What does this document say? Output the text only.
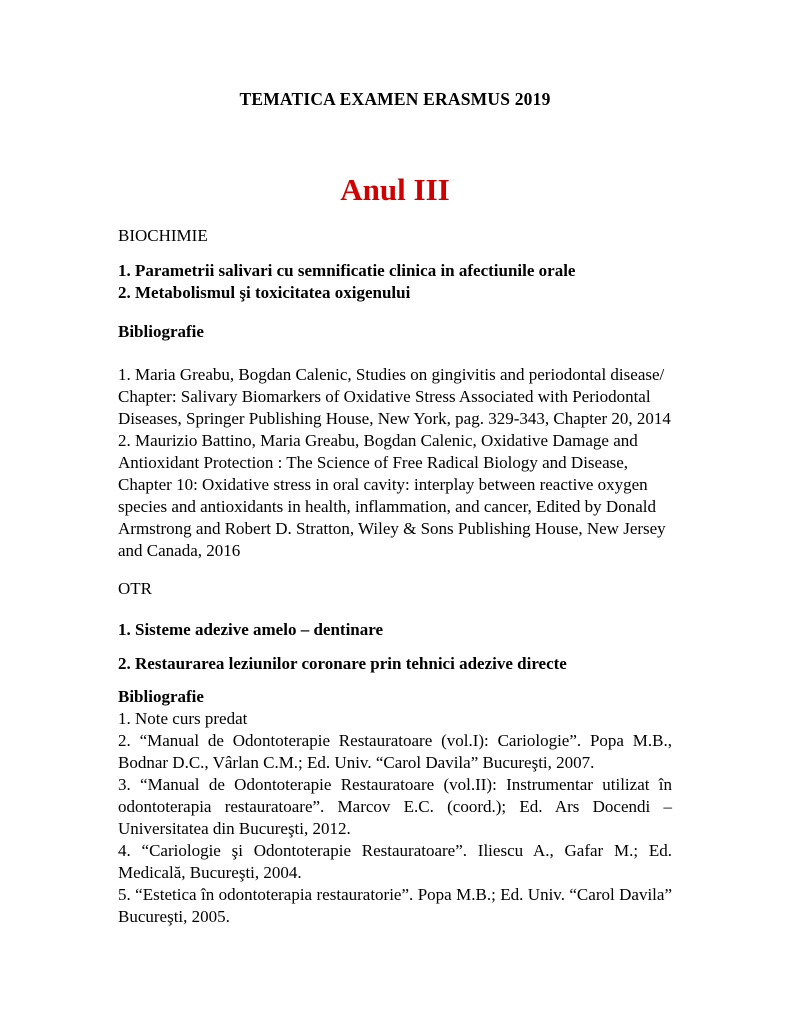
TEMATICA EXAMEN ERASMUS 2019
Anul III

BIOCHIMIE

1. Parametrii salivari cu semnificatie clinica in afectiunile orale

2. Metabolismul şi toxicitatea oxigenului

Bibliografie

1. Maria Greabu, Bogdan Calenic, Studies on gingivitis and periodontal disease/ Chapter: Salivary Biomarkers of Oxidative Stress Associated with Periodontal Diseases, Springer Publishing House, New York, pag. 329-343, Chapter 20, 2014

2. Maurizio Battino, Maria Greabu, Bogdan Calenic, Oxidative Damage and Antioxidant Protection : The Science of Free Radical Biology and Disease, Chapter 10: Oxidative stress in oral cavity: interplay between reactive oxygen species and antioxidants in health, inflammation, and cancer, Edited by Donald Armstrong and Robert D. Stratton, Wiley & Sons Publishing House, New Jersey and Canada, 2016

OTR

1. Sisteme adezive amelo – dentinare

2. Restaurarea leziunilor coronare prin tehnici adezive directe

Bibliografie

1. Note curs predat

2. “Manual de Odontoterapie Restauratoare (vol.I): Cariologie”. Popa M.B., Bodnar D.C., Vârlan C.M.; Ed. Univ. “Carol Davila” Bucureşti, 2007.

3. “Manual de Odontoterapie Restauratoare (vol.II): Instrumentar utilizat în odontoterapia restauratoare”. Marcov E.C. (coord.); Ed. Ars Docendi – Universitatea din Bucureşti, 2012.

4. “Cariologie şi Odontoterapie Restauratoare”. Iliescu A., Gafar M.; Ed. Medicală, Bucureşti, 2004.

5. “Estetica în odontoterapia restauratorie”. Popa M.B.; Ed. Univ. “Carol Davila” Bucureşti, 2005.
